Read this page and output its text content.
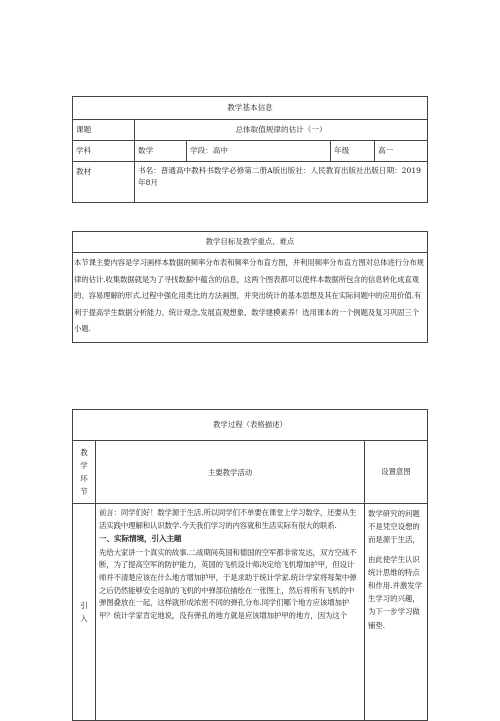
教学基本信息				
课题	总体取值规律的估计（一）			
学科	数学	学段：高中	年级	高一
教材	书名：普通高中教科书数学必修第二册A版出版社：人民教育出版社出版日期：2019年8月			
教学目标及教学重点、难点
本节课主要内容是学习画样本数据的频率分布表和频率分布直方图，并利用频率分布直方图对总体进行分布规律的估计.收集数据就是为了寻找数据中蕴含的信息，这两个图表都可以使样本数据所包含的信息转化成直观的、容易理解的形式.过程中强化用类比的方法画图，并突出统计的基本思想及其在实际问题中的应用价值.有利于提高学生数据分析能力、统计观念,发展直观想象、数学建模素养！选用课本的一个例题及复习巩固三个小题.
教学过程（表格描述）		

教学环节	主要教学活动	设置意图

引入	前言：同学们好！数学源于生活.所以同学们不单要在课堂上学习数学，还要从生活实践中理解和认识数学.今天我们学习的内容就和生活实际有很大的联系.
一、实际情境，引入主题
先给大家讲一个真实的故事.二战期间英国和德国的空军都非常发达，双方空战不断，为了提高空军的防护能力，英国的飞机设计师决定给飞机增加护甲，但设计师并不清楚应该在什么地方增加护甲，于是求助于统计学家.统计学家将每架中弹之后仍然能够安全返航的飞机的中弹部位描绘在一张图上，然后将所有飞机的中弹图叠放在一起，这样就形成浓密不同的弹孔分布.同学们哪个地方应该增加护甲？统计学家肯定地说，没有弹孔的地方就是应该增加护甲的地方，因为这个	数学研究的问题不是凭空设想的而是源于生活，
由此使学生认识统计思维的特点和作用.并激发学生学习的兴趣，为下一步学习做铺垫.
